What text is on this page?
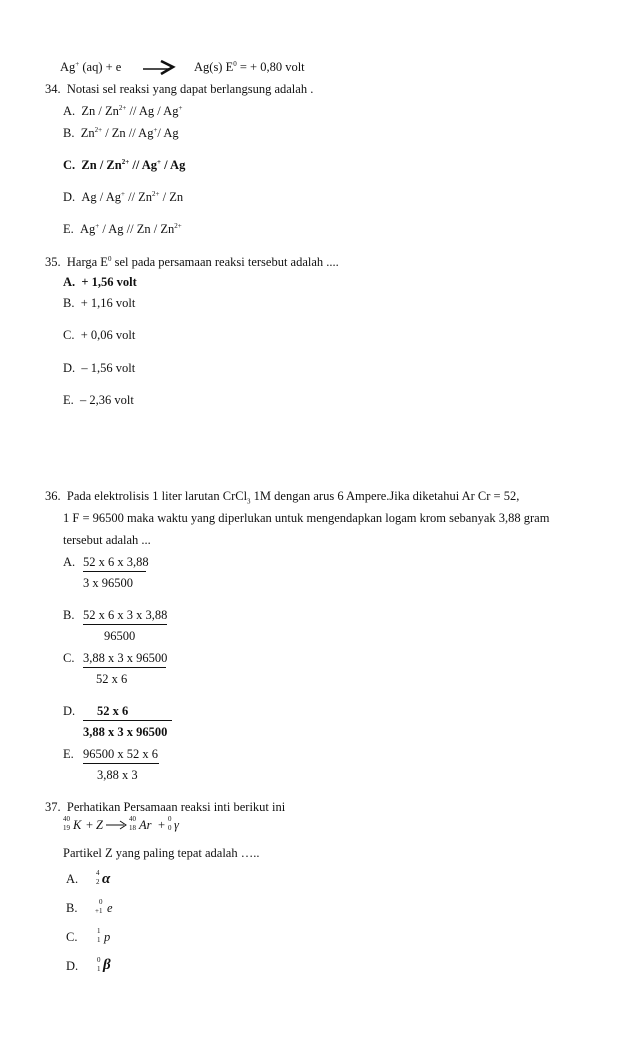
Ag+ (aq) + e → Ag(s) $E^0$ = + 0,80 volt
34. Notasi sel reaksi yang dapat berlangsung adalah .
A. Zn / $Zn^{2+}$ // Ag / Ag+
B. $Zn^{2+}$ / Zn // Ag+/ Ag
C. Zn / $Zn^{2+} // Ag^+$ / Ag
D. Ag / $Ag^+ // Zn^{2+}$ / Zn
E. Ag+ / Ag // Zn / $Zn^{2+}$
35. Harga $E^0$ sel pada persamaan reaksi tersebut adalah ....
A. + 1,56 volt
B. + 1,16 volt
C. + 0,06 volt
D. – 1,56 volt
E. – 2,36 volt
36. Pada elektrolisis 1 liter larutan CrCl$_3$ 1M dengan arus 6 Ampere.Jika diketahui Ar Cr = 52,
1 F = 96500 maka waktu yang diperlukan untuk mengendapkan logam krom sebanyak 3,88 gram
tersebut adalah ...
A. 52 x 6 x 3,88
3 x 96500
B. 52 x 6 x 3 x 3,88
96500
C. 3,88 x 3 x 96500
52 x 6
D. 52 x 6
3,88 x 3 x 96500
E. 96500 x 52 x 6
3,88 x 3
37. Perhatikan Persamaan reaksi inti berikut ini
40
19 K + Z →
40
18 Ar + 0
0 γ
Partikel Z yang paling tepat adalah …..
A.	4
2 α
B.	0
+1 e
C.	1
1 p
D.	0
1 β
